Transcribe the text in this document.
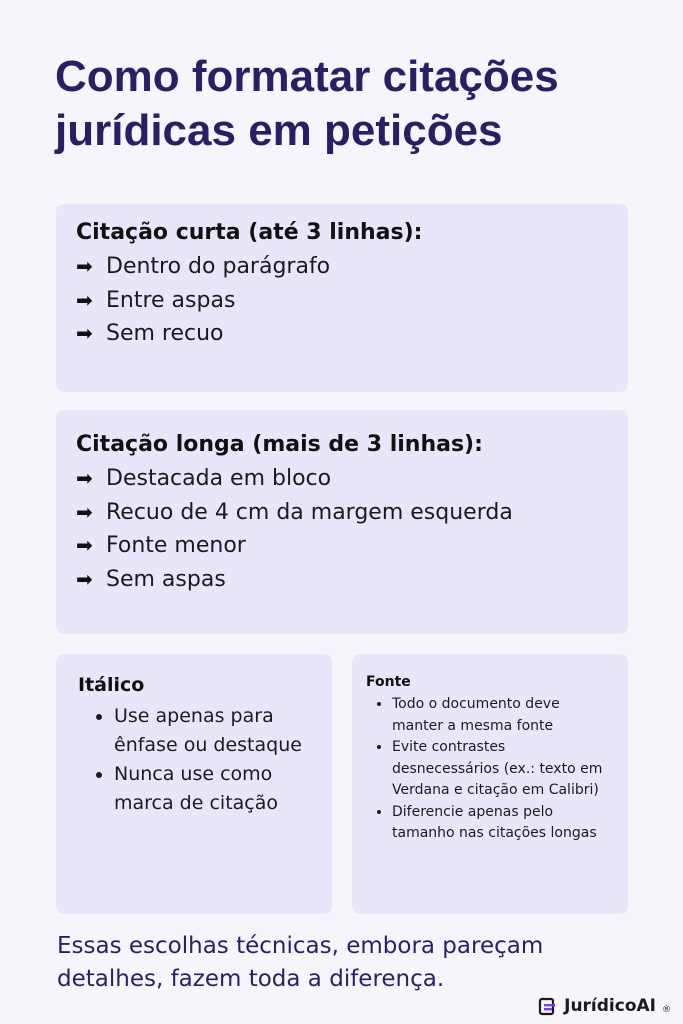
Como formatar citações jurídicas em petições

Citação curta (até 3 linhas):

➡ Dentro do parágrafo
➡ Entre aspas
➡ Sem recuo

Citação longa (mais de 3 linhas):

➡ Destacada em bloco
➡ Recuo de 4 cm da margem esquerda
➡ Fonte menor
➡ Sem aspas

Itálico

• Use apenas para ênfase ou destaque
• Nunca use como marca de citação

Fonte

• Todo o documento deve manter a mesma fonte
• Evite contrastes desnecessários (ex.: texto em Verdana e citação em Calibri)
• Diferencie apenas pelo tamanho nas citações longas

Essas escolhas técnicas, embora pareçam detalhes, fazem toda a diferença.

JurídicoAI ®
